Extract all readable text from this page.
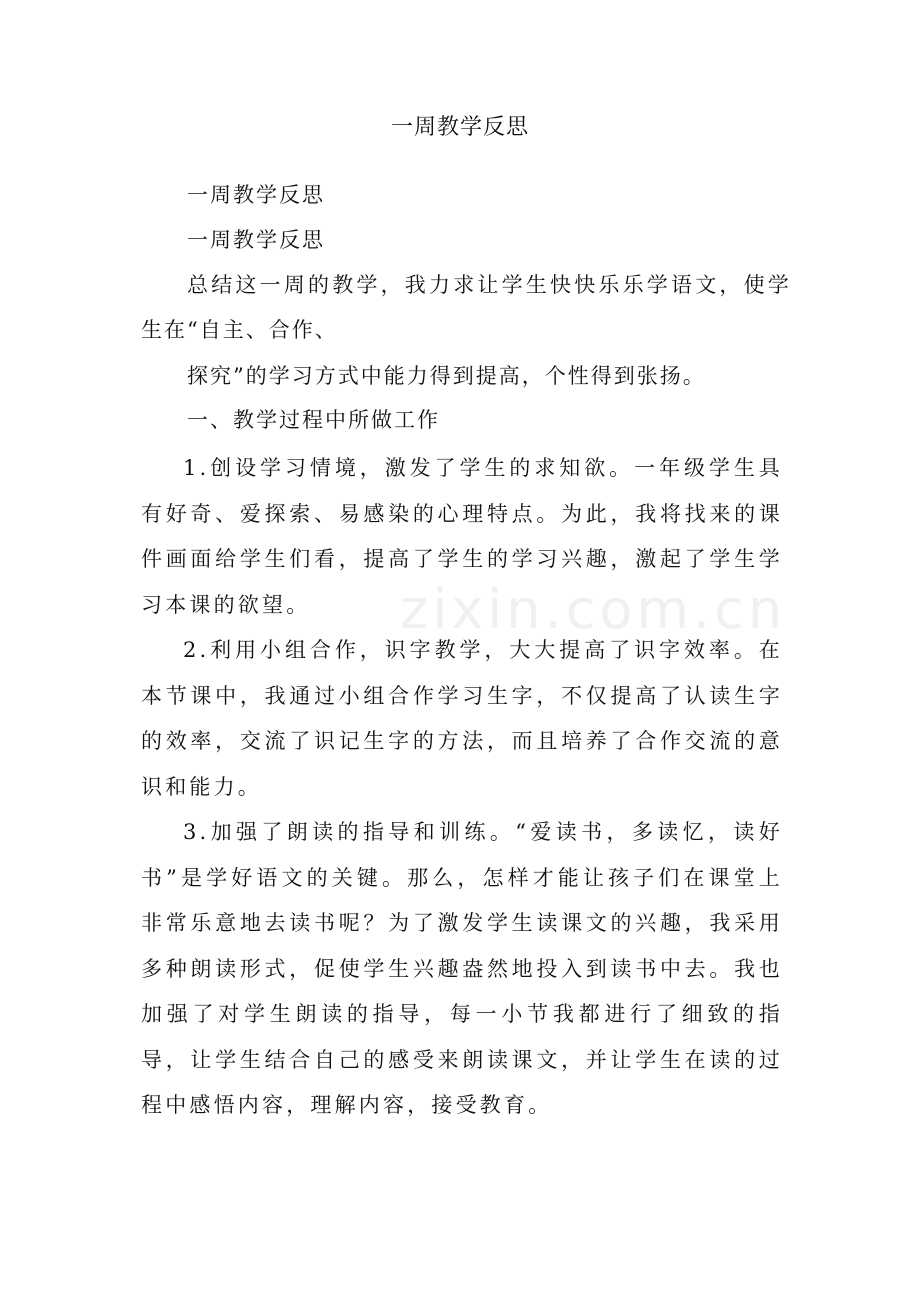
zixin.com.cn
一周教学反思
一周教学反思
一周教学反思
总结这一周的教学，我力求让学生快快乐乐学语文，使学
生在“自主、合作、
探究”的学习方式中能力得到提高，个性得到张扬。
一、教学过程中所做工作

1.创设学习情境，激发了学生的求知欲。一年级学生具有好奇、爱探索、易感染的心理特点。为此，我将找来的课件画面给学生们看，提高了学生的学习兴趣，激起了学生学习本课的欲望。

2.利用小组合作，识字教学，大大提高了识字效率。在本节课中，我通过小组合作学习生字，不仅提高了认读生字的效率，交流了识记生字的方法，而且培养了合作交流的意识和能力。

3.加强了朗读的指导和训练。“爱读书，多读忆，读好书”是学好语文的关键。那么，怎样才能让孩子们在课堂上非常乐意地去读书呢？为了激发学生读课文的兴趣，我采用多种朗读形式，促使学生兴趣盎然地投入到读书中去。我也加强了对学生朗读的指导，每一小节我都进行了细致的指导，让学生结合自己的感受来朗读课文，并让学生在读的过程中感悟内容，理解内容，接受教育。
